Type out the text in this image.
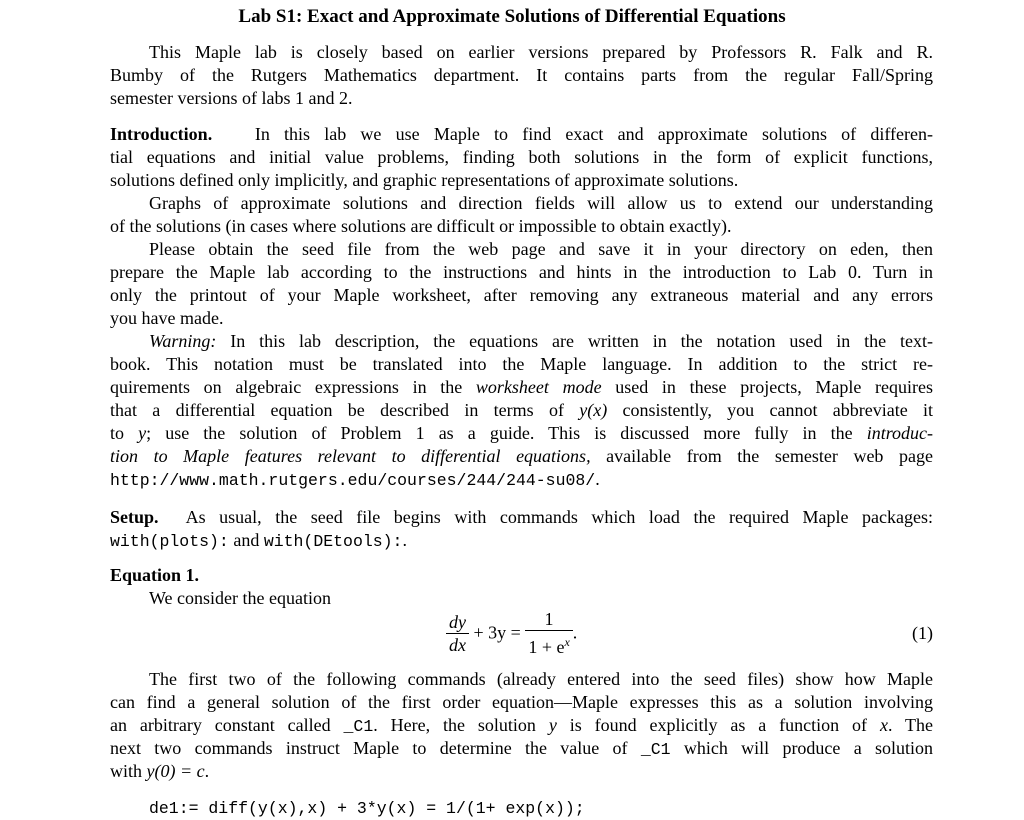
Lab S1: Exact and Approximate Solutions of Differential Equations
This Maple lab is closely based on earlier versions prepared by Professors R. Falk and R.
Bumby of the Rutgers Mathematics department. It contains parts from the regular Fall/Spring
semester versions of labs 1 and 2.
Introduction. In this lab we use Maple to find exact and approximate solutions of differen-
tial equations and initial value problems, finding both solutions in the form of explicit functions,
solutions defined only implicitly, and graphic representations of approximate solutions.
Graphs of approximate solutions and direction fields will allow us to extend our understanding
of the solutions (in cases where solutions are difficult or impossible to obtain exactly).
Please obtain the seed file from the web page and save it in your directory on eden, then
prepare the Maple lab according to the instructions and hints in the introduction to Lab 0. Turn in
only the printout of your Maple worksheet, after removing any extraneous material and any errors
you have made.
Warning: In this lab description, the equations are written in the notation used in the text-
book. This notation must be translated into the Maple language. In addition to the strict re-
quirements on algebraic expressions in the worksheet mode used in these projects, Maple requires
that a differential equation be described in terms of y(x) consistently, you cannot abbreviate it
to y; use the solution of Problem 1 as a guide. This is discussed more fully in the introduc-
tion to Maple features relevant to differential equations, available from the semester web page
http://www.math.rutgers.edu/courses/244/244-su08/.
Setup. As usual, the seed file begins with commands which load the required Maple packages:
with(plots): and with(DEtools):.
Equation 1.
We consider the equation
$\frac{dy}{dx} + 3y = \frac{1}{1 + e^x}$ .	(1)
The first two of the following commands (already entered into the seed files) show how Maple
can find a general solution of the first order equation—Maple expresses this as a solution involving
an arbitrary constant called _C1. Here, the solution y is found explicitly as a function of x. The
next two commands instruct Maple to determine the value of _C1 which will produce a solution
with y(0) = c.
de1:= diff(y(x),x) + 3*y(x) = 1/(1+ exp(x));
